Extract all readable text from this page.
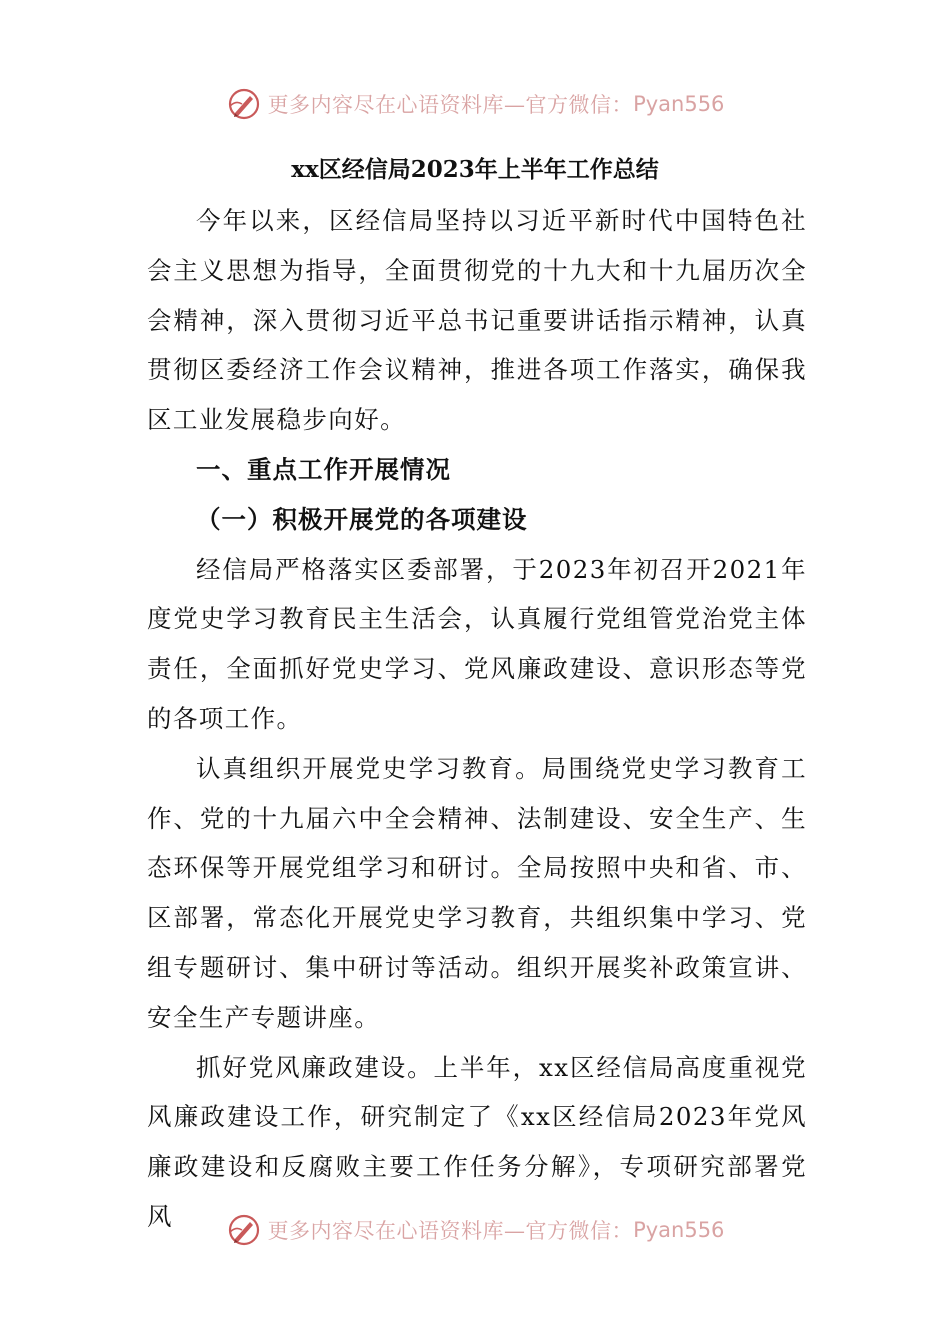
更多内容尽在心语资料库—官方微信： Pyan556
xx区经信局2023年上半年工作总结

今年以来，区经信局坚持以习近平新时代中国特色社会主义思想为指导，全面贯彻党的十九大和十九届历次全会精神，深入贯彻习近平总书记重要讲话指示精神，认真贯彻区委经济工作会议精神，推进各项工作落实，确保我区工业发展稳步向好。

一、重点工作开展情况

（一）积极开展党的各项建设

经信局严格落实区委部署，于2023年初召开2021年度党史学习教育民主生活会，认真履行党组管党治党主体责任，全面抓好党史学习、党风廉政建设、意识形态等党的各项工作。

认真组织开展党史学习教育。局围绕党史学习教育工作、党的十九届六中全会精神、法制建设、安全生产、生态环保等开展党组学习和研讨。全局按照中央和省、市、区部署，常态化开展党史学习教育，共组织集中学习、党组专题研讨、集中研讨等活动。组织开展奖补政策宣讲、安全生产专题讲座。

抓好党风廉政建设。上半年，xx区经信局高度重视党风廉政建设工作，研究制定了《xx区经信局2023年党风廉政建设和反腐败主要工作任务分解》，专项研究部署党风

更多内容尽在心语资料库—官方微信： Pyan556
